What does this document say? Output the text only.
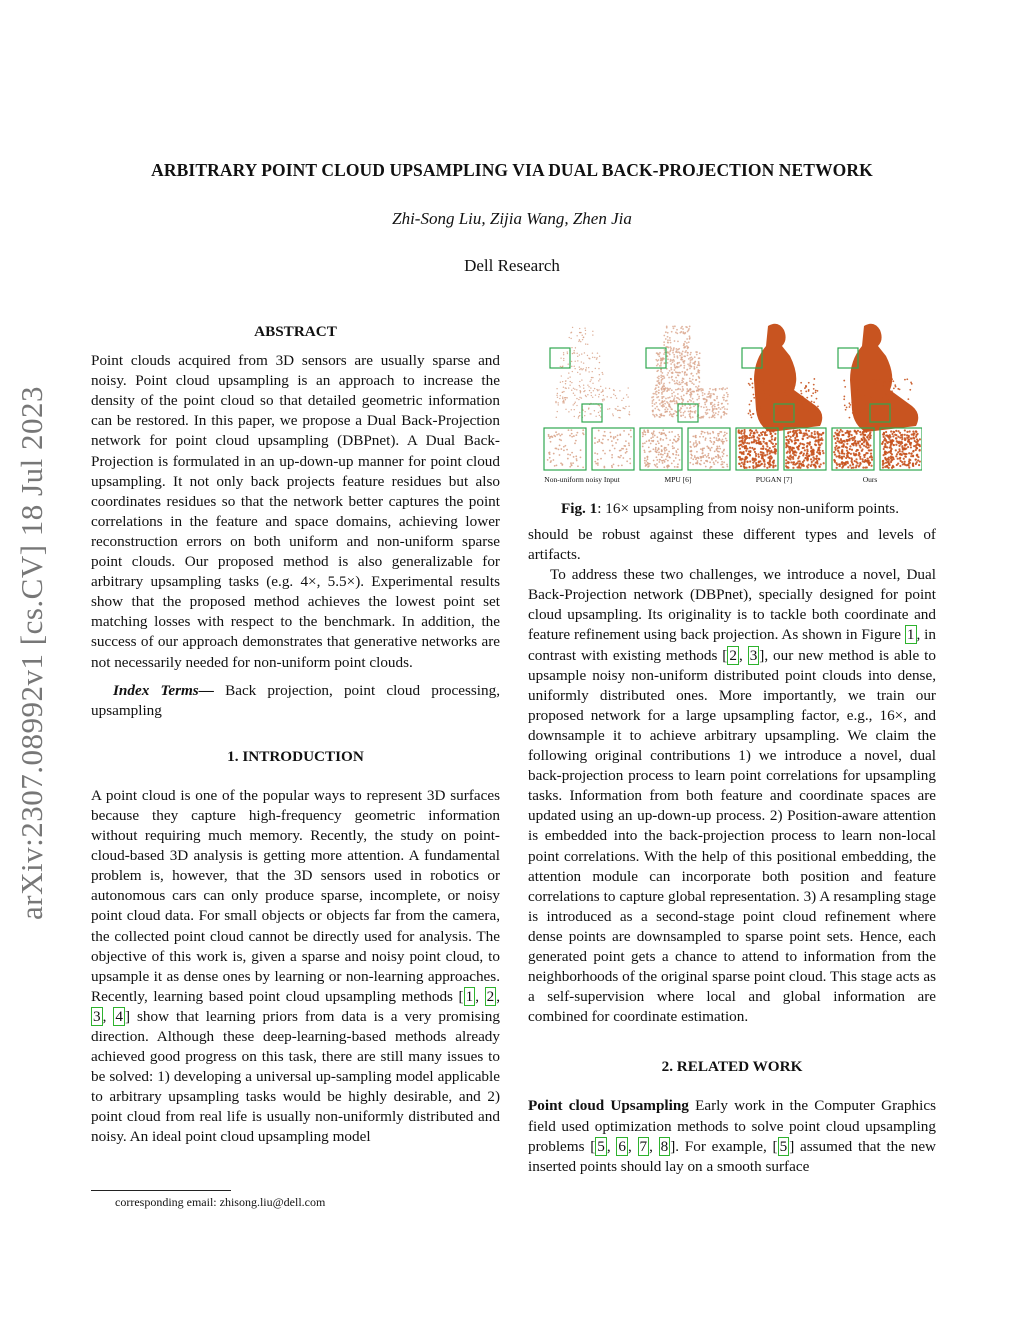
ARBITRARY POINT CLOUD UPSAMPLING VIA DUAL BACK-PROJECTION NETWORK
Zhi-Song Liu, Zijia Wang, Zhen Jia
Dell Research
arXiv:2307.08992v1 [cs.CV] 18 Jul 2023
ABSTRACT

Point clouds acquired from 3D sensors are usually sparse and noisy. Point cloud upsampling is an approach to increase the density of the point cloud so that detailed geometric information can be restored. In this paper, we propose a Dual Back-Projection network for point cloud upsampling (DBPnet). A Dual Back-Projection is formulated in an up-down-up manner for point cloud upsampling. It not only back projects feature residues but also coordinates residues so that the network better captures the point correlations in the feature and space domains, achieving lower reconstruction errors on both uniform and non-uniform sparse point clouds. Our proposed method is also generalizable for arbitrary upsampling tasks (e.g. 4×, 5.5×). Experimental results show that the proposed method achieves the lowest point set matching losses with respect to the benchmark. In addition, the success of our approach demonstrates that generative networks are not necessarily needed for non-uniform point clouds.

Index Terms— Back projection, point cloud processing, upsampling

1. INTRODUCTION

A point cloud is one of the popular ways to represent 3D surfaces because they capture high-frequency geometric information without requiring much memory. Recently, the study on point-cloud-based 3D analysis is getting more attention. A fundamental problem is, however, that the 3D sensors used in robotics or autonomous cars can only produce sparse, incomplete, or noisy point cloud data. For small objects or objects far from the camera, the collected point cloud cannot be directly used for analysis. The objective of this work is, given a sparse and noisy point cloud, to upsample it as dense ones by learning or non-learning approaches. Recently, learning based point cloud upsampling methods [ 1 , 2 , 3 , 4 ] show that learning priors from data is a very promising direction. Although these deep-learning-based methods already achieved good progress on this task, there are still many issues to be solved: 1) developing a universal up-sampling model applicable to arbitrary upsampling tasks would be highly desirable, and 2) point cloud from real life is usually non-uniformly distributed and noisy. An ideal point cloud upsampling model

corresponding email: zhisong.liu@dell.com
Non-uniform noisy Input	MPU [6]	PUGAN [7]	Ours
Fig. 1: 16× upsampling from noisy non-uniform points.

should be robust against these different types and levels of artifacts.

To address these two challenges, we introduce a novel, Dual Back-Projection network (DBPnet), specially designed for point cloud upsampling. Its originality is to tackle both coordinate and feature refinement using back projection. As shown in Figure 1 , in contrast with existing methods [ 2 , 3 ], our new method is able to upsample noisy non-uniform distributed point clouds into dense, uniformly distributed ones. More importantly, we train our proposed network for a large upsampling factor, e.g., 16×, and downsample it to achieve arbitrary upsampling. We claim the following original contributions 1) we introduce a novel, dual back-projection process to learn point correlations for upsampling tasks. Information from both feature and coordinate spaces are updated using an up-down-up process. 2) Position-aware attention is embedded into the back-projection process to learn non-local point correlations. With the help of this positional embedding, the attention module can incorporate both position and feature correlations to capture global representation. 3) A resampling stage is introduced as a second-stage point cloud refinement where dense points are downsampled to sparse point sets. Hence, each generated point gets a chance to attend to information from the neighborhoods of the original sparse point cloud. This stage acts as a self-supervision where local and global information are combined for coordinate estimation.

2. RELATED WORK

Point cloud Upsampling Early work in the Computer Graphics field used optimization methods to solve point cloud upsampling problems [ 5 , 6 , 7 , 8 ]. For example, [ 5 ] assumed that the new inserted points should lay on a smooth surface
